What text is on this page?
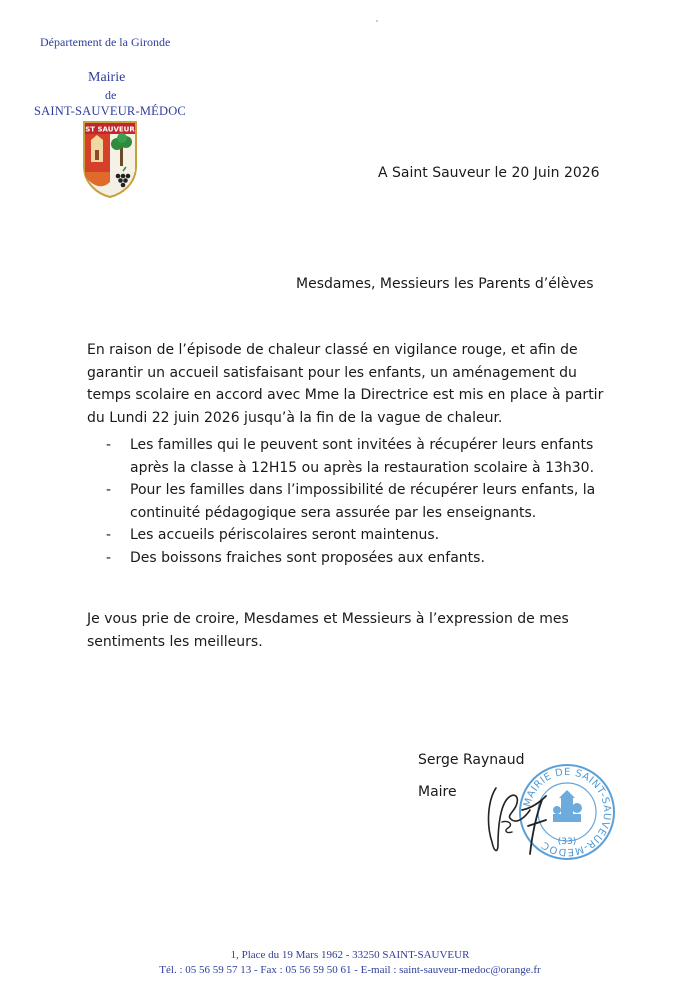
Département de la Gironde
Mairie
de
SAINT-SAUVEUR-MÉDOC
ST SAUVEUR
A Saint Sauveur le 20 Juin 2026
Mesdames, Messieurs les Parents d’élèves
En raison de l’épisode de chaleur classé en vigilance rouge, et afin de garantir un accueil satisfaisant pour les enfants, un aménagement du temps scolaire en accord avec Mme la Directrice est mis en place à partir du Lundi 22 juin 2026 jusqu’à la fin de la vague de chaleur.
- Les familles qui le peuvent sont invitées à récupérer leurs enfants après la classe à 12H15 ou après la restauration scolaire à 13h30.
- Pour les familles dans l’impossibilité de récupérer leurs enfants, la continuité pédagogique sera assurée par les enseignants.
- Les accueils périscolaires seront maintenus.
- Des boissons fraiches sont proposées aux enfants.
Je vous prie de croire, Mesdames et Messieurs à l’expression de mes sentiments les meilleurs.
Serge Raynaud
Maire
MAIRIE DE SAINT-SAUVEUR-MÉDOC (33)
1, Place du 19 Mars 1962 - 33250 SAINT-SAUVEUR
Tél. : 05 56 59 57 13 - Fax : 05 56 59 50 61 - E-mail : saint-sauveur-medoc@orange.fr
